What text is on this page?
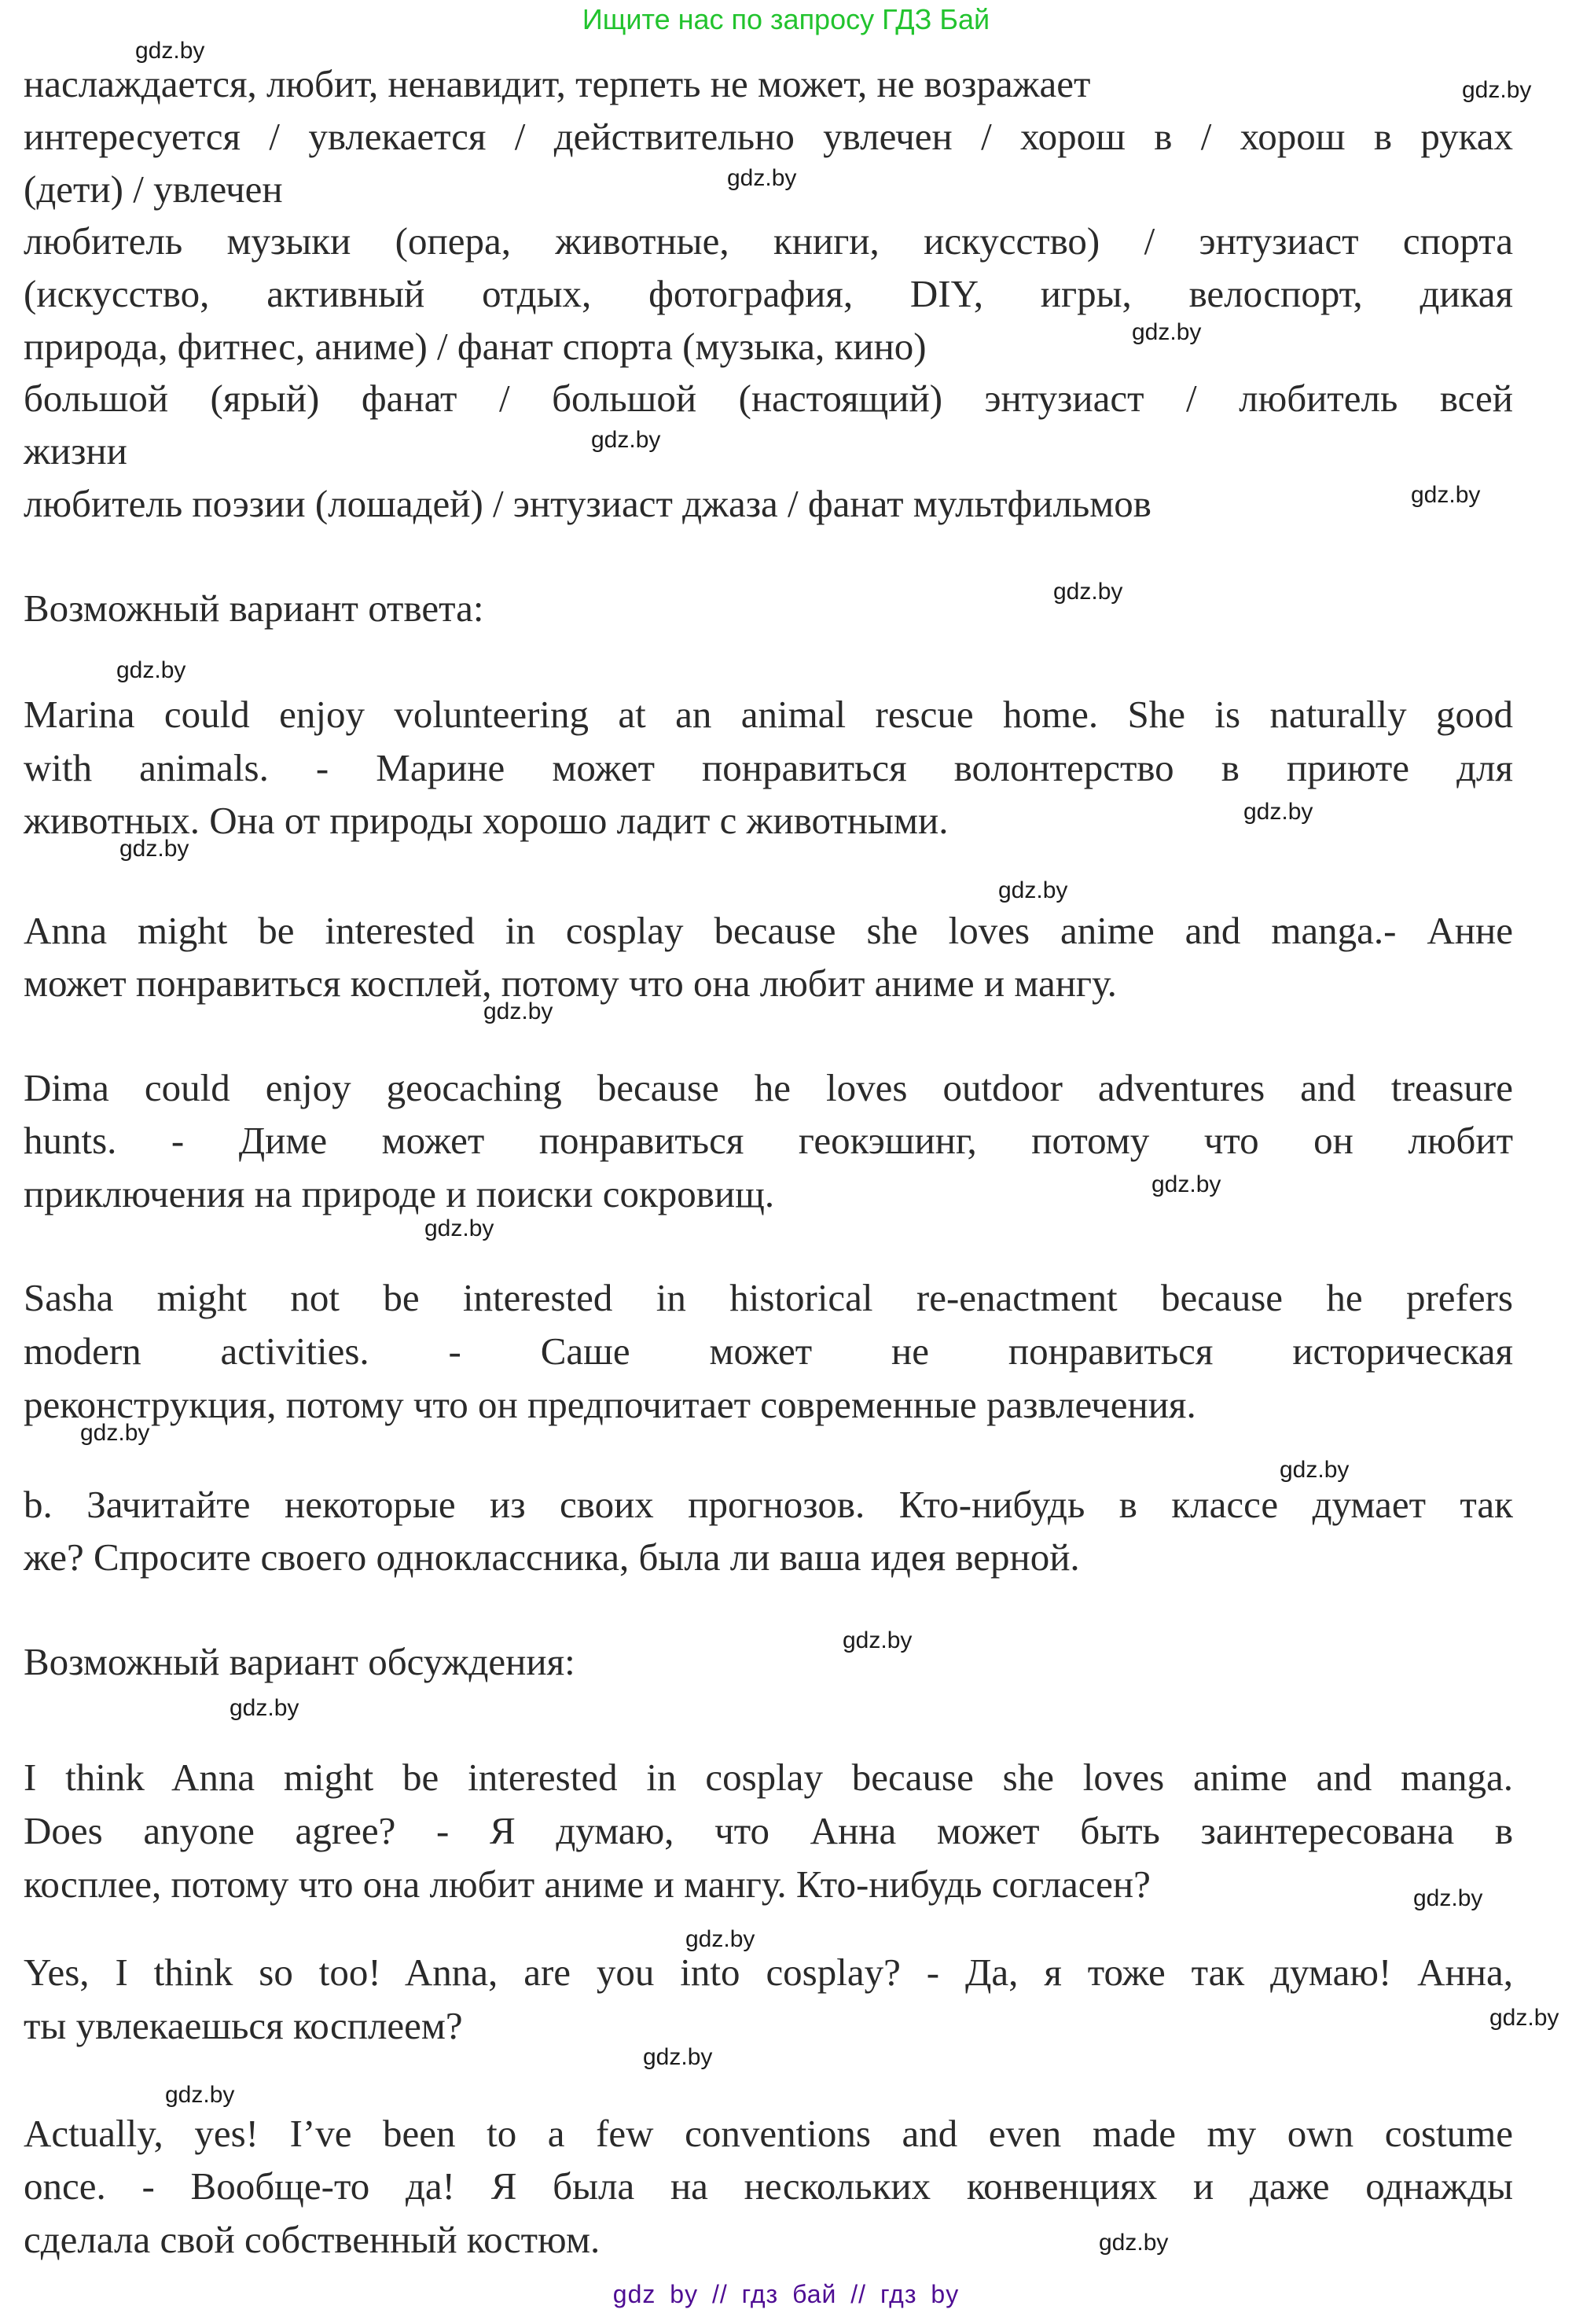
Ищите нас по запросу ГДЗ Бай
наслаждается, любит, ненавидит, терпеть не может, не возражает
интересуется / увлекается / действительно увлечен / хорош в / хорош в руках
(дети) / увлечен
любитель музыки (опера, животные, книги, искусство) / энтузиаст спорта
(искусство, активный отдых, фотография, DIY, игры, велоспорт, дикая
природа, фитнес, аниме) / фанат спорта (музыка, кино)
большой (ярый) фанат / большой (настоящий) энтузиаст / любитель всей
жизни
любитель поэзии (лошадей) / энтузиаст джаза / фанат мультфильмов
Возможный вариант ответа:
Marina could enjoy volunteering at an animal rescue home. She is naturally good
with animals. - Марине может понравиться волонтерство в приюте для
животных. Она от природы хорошо ладит с животными.
Anna might be interested in cosplay because she loves anime and manga.- Анне
может понравиться косплей, потому что она любит аниме и мангу.
Dima could enjoy geocaching because he loves outdoor adventures and treasure
hunts. - Диме может понравиться геокэшинг, потому что он любит
приключения на природе и поиски сокровищ.
Sasha might not be interested in historical re-enactment because he prefers
modern activities. - Саше может не понравиться историческая
реконструкция, потому что он предпочитает современные развлечения.
b. Зачитайте некоторые из своих прогнозов. Кто-нибудь в классе думает так
же? Спросите своего одноклассника, была ли ваша идея верной.
Возможный вариант обсуждения:
I think Anna might be interested in cosplay because she loves anime and manga.
Does anyone agree? - Я думаю, что Анна может быть заинтересована в
косплее, потому что она любит аниме и мангу. Кто-нибудь согласен?
Yes, I think so too! Anna, are you into cosplay? - Да, я тоже так думаю! Анна,
ты увлекаешься косплеем?
Actually, yes! I’ve been to a few conventions and even made my own costume
once. - Вообще-то да! Я была на нескольких конвенциях и даже однажды
сделала свой собственный костюм.
gdz.by
gdz.by
gdz.by
gdz.by
gdz.by
gdz.by
gdz.by
gdz.by
gdz.by
gdz.by
gdz.by
gdz.by
gdz.by
gdz.by
gdz.by
gdz.by
gdz.by
gdz.by
gdz.by
gdz.by
gdz.by
gdz.by
gdz.by
gdz.by
gdz by // гдз бай // гдз by
